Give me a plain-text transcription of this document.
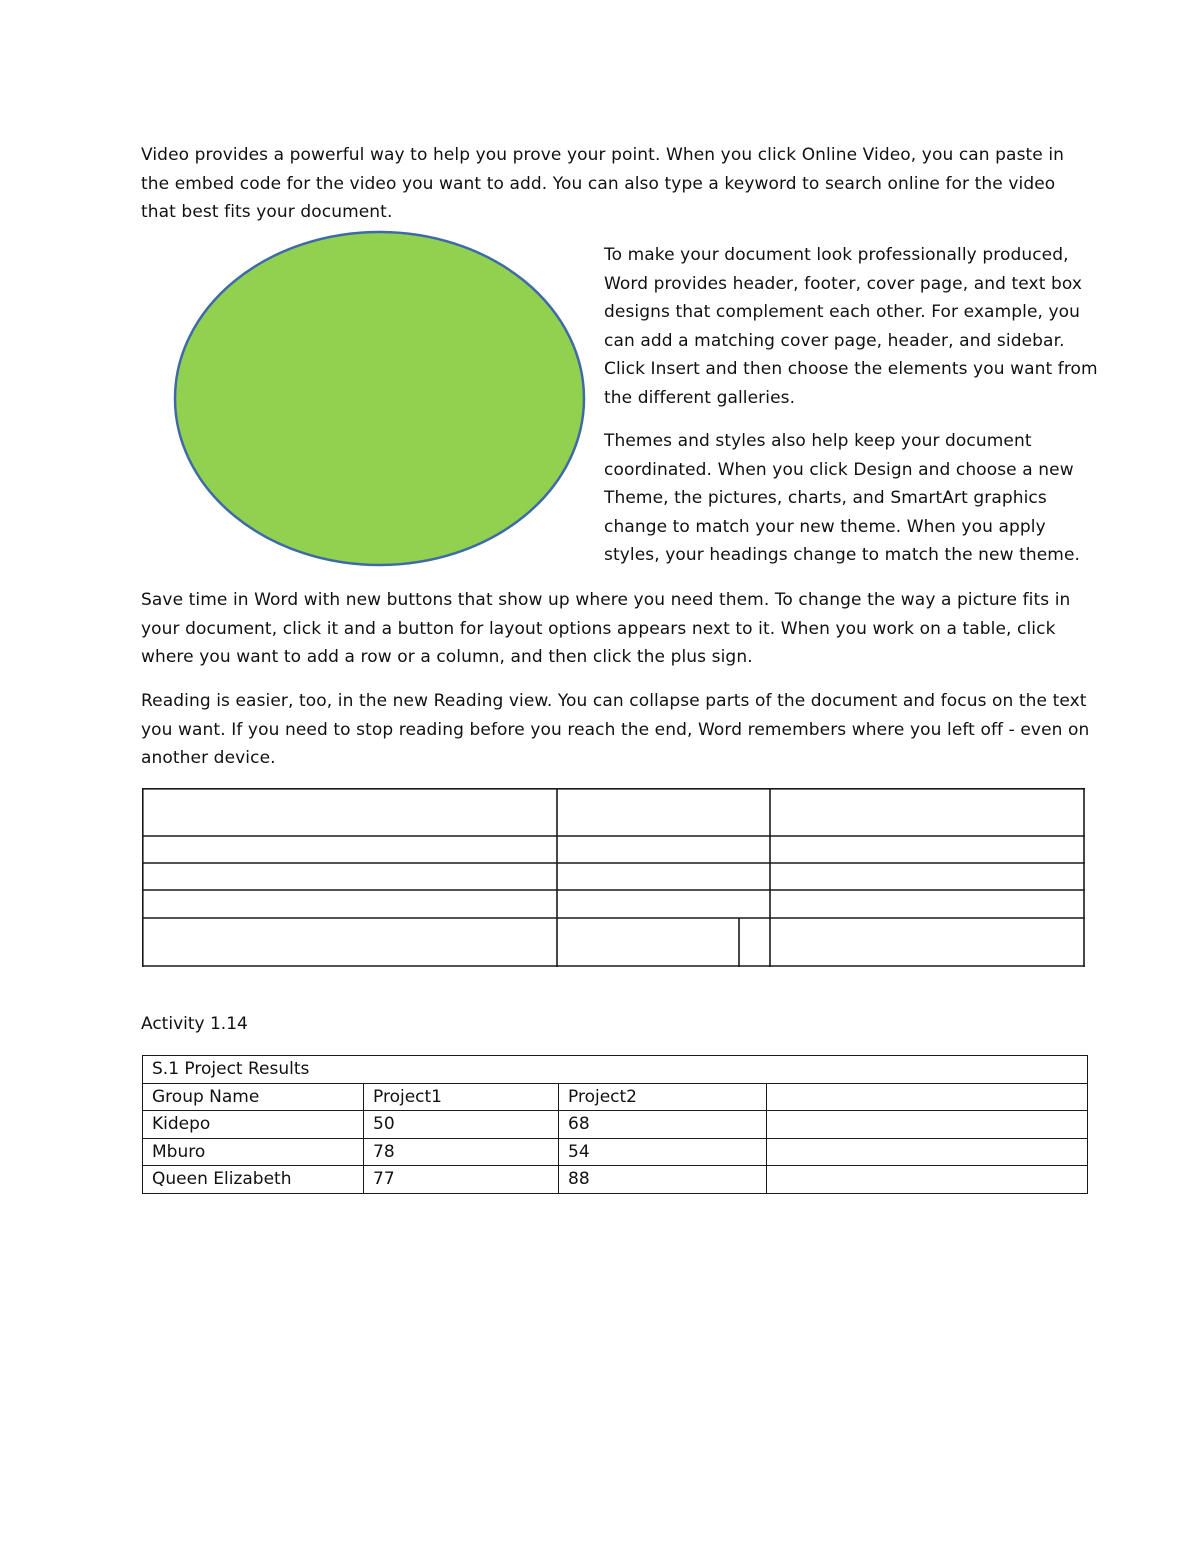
Video provides a powerful way to help you prove your point. When you click Online Video, you can paste in the embed code for the video you want to add. You can also type a keyword to search online for the video that best fits your document.

To make your document look professionally produced, Word provides header, footer, cover page, and text box designs that complement each other. For example, you can add a matching cover page, header, and sidebar. Click Insert and then choose the elements you want from the different galleries.

Themes and styles also help keep your document coordinated. When you click Design and choose a new Theme, the pictures, charts, and SmartArt graphics change to match your new theme. When you apply styles, your headings change to match the new theme.

Save time in Word with new buttons that show up where you need them. To change the way a picture fits in your document, click it and a button for layout options appears next to it. When you work on a table, click where you want to add a row or a column, and then click the plus sign.

Reading is easier, too, in the new Reading view. You can collapse parts of the document and focus on the text you want. If you need to stop reading before you reach the end, Word remembers where you left off - even on another device.

Activity 1.14
S.1 Project Results			
Group Name	Project1	Project2	
Kidepo	50	68	
Mburo	78	54	
Queen Elizabeth	77	88	
